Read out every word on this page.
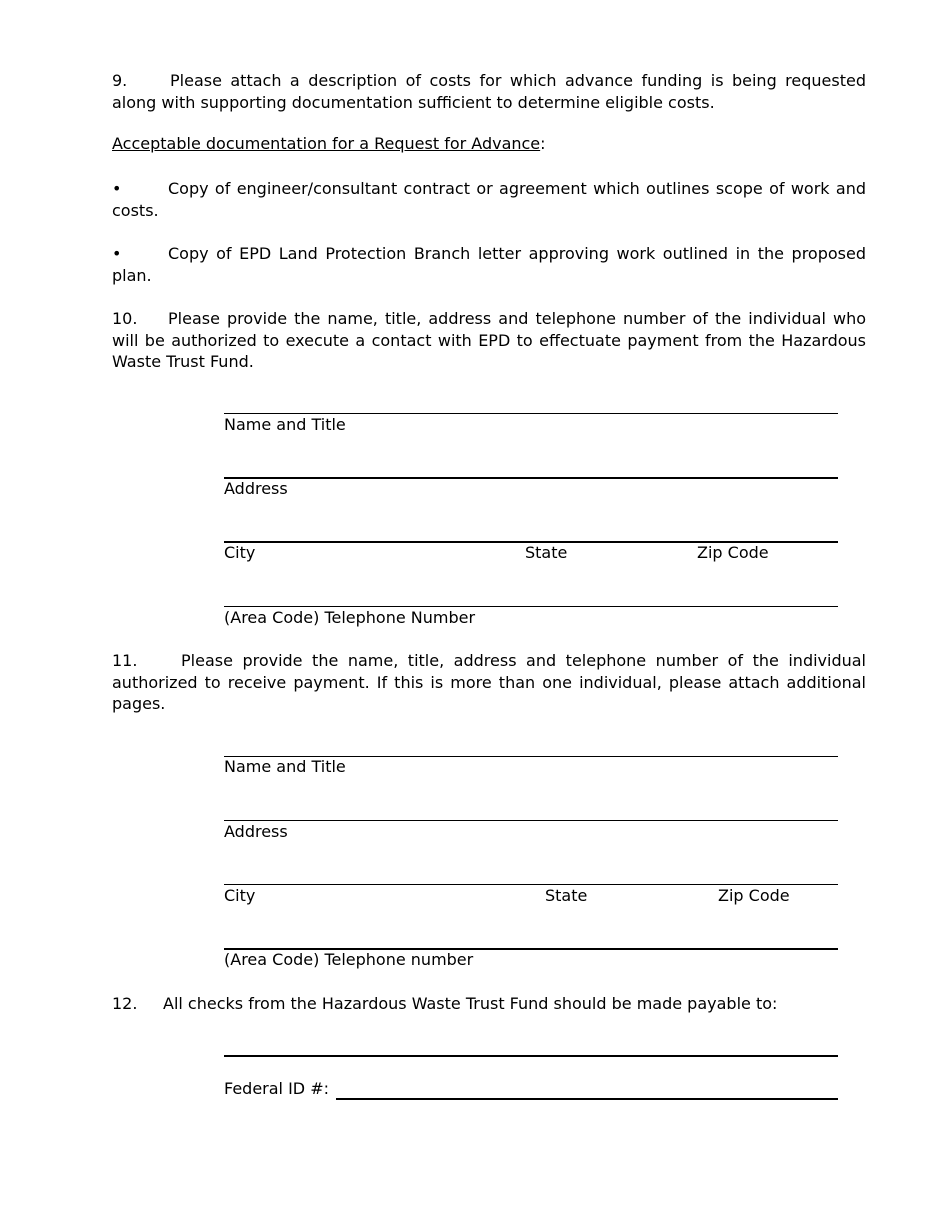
9.	Please attach a description of costs for which advance funding is being requested along with supporting documentation sufficient to determine eligible costs.

Acceptable documentation for a Request for Advance:

•	Copy of engineer/consultant contract or agreement which outlines scope of work and costs.

•	Copy of EPD Land Protection Branch letter approving work outlined in the proposed plan.

10. Please provide the name, title, address and telephone number of the individual who will be authorized to execute a contact with EPD to effectuate payment from the Hazardous Waste Trust Fund.

Name and Title
Address
City	State	Zip Code
(Area Code) Telephone Number

11.	Please provide the name, title, address and telephone number of the individual authorized to receive payment. If this is more than one individual, please attach additional pages.

Name and Title
Address
City	State	Zip Code
(Area Code) Telephone number

12. All checks from the Hazardous Waste Trust Fund should be made payable to:

Federal ID #:
